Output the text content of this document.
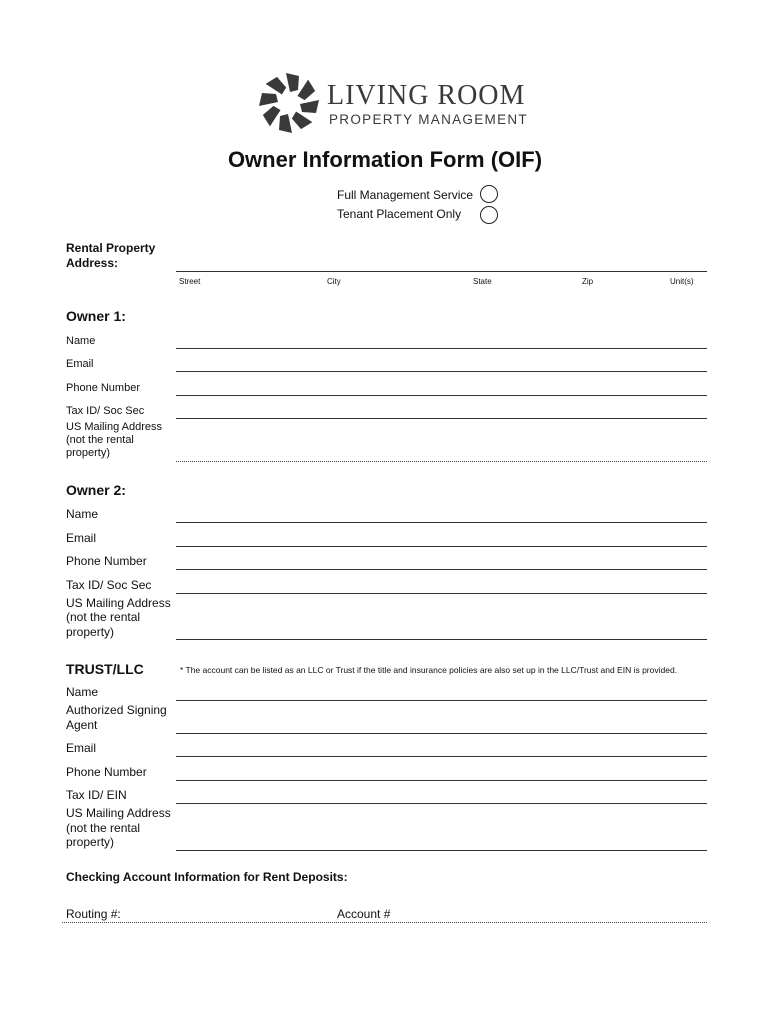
LIVING ROOM
PROPERTY MANAGEMENT
Owner Information Form (OIF)
Full Management Service
Tenant Placement Only
Rental Property
Address:
Street	City	State	Zip	Unit(s)
Owner 1:
Name
Email
Phone Number
Tax ID/ Soc Sec
US Mailing Address
(not the rental
property)
Owner 2:
Name
Email
Phone Number
Tax ID/ Soc Sec
US Mailing Address
(not the rental
property)
TRUST/LLC	* The account can be listed as an LLC or Trust if the title and insurance policies are also set up in the LLC/Trust and EIN is provided.
Name
Authorized Signing
Agent
Email
Phone Number
Tax ID/ EIN
US Mailing Address
(not the rental
property)
Checking Account Information for Rent Deposits:
Routing #:	Account #
